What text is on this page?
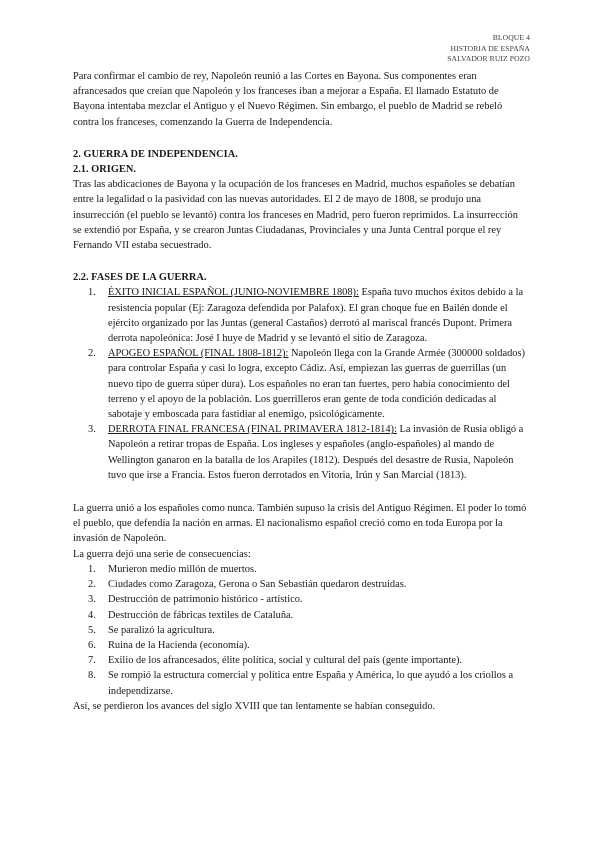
BLOQUE 4
HISTORIA DE ESPAÑA
SALVADOR RUIZ POZO

Para confirmar el cambio de rey, Napoleón reunió a las Cortes en Bayona. Sus componentes eran afrancesados que creían que Napoleón y los franceses iban a mejorar a España. El llamado Estatuto de Bayona intentaba mezclar el Antiguo y el Nuevo Régimen. Sin embargo, el pueblo de Madrid se rebeló contra los franceses, comenzando la Guerra de Independencia.

2. GUERRA DE INDEPENDENCIA.
2.1. ORIGEN.

Tras las abdicaciones de Bayona y la ocupación de los franceses en Madrid, muchos españoles se debatían entre la legalidad o la pasividad con las nuevas autoridades. El 2 de mayo de 1808, se produjo una insurrección (el pueblo se levantó) contra los franceses en Madrid, pero fueron reprimidos. La insurrección se extendió por España, y se crearon Juntas Ciudadanas, Provinciales y una Junta Central porque el rey Fernando VII estaba secuestrado.

2.2. FASES DE LA GUERRA.
1. ÉXITO INICIAL ESPAÑOL (JUNIO-NOVIEMBRE 1808): España tuvo muchos éxitos debido a la resistencia popular (Ej: Zaragoza defendida por Palafox). El gran choque fue en Bailén donde el ejército organizado por las Juntas (general Castaños) derrotó al mariscal francés Dupont. Primera derrota napoleónica: José I huye de Madrid y se levantó el sitio de Zaragoza.
2. APOGEO ESPAÑOL (FINAL 1808-1812): Napoleón llega con la Grande Armée (300000 soldados) para controlar España y casi lo logra, excepto Cádiz. Así, empiezan las guerras de guerrillas (un nuevo tipo de guerra súper dura). Los españoles no eran tan fuertes, pero había conocimiento del terreno y el apoyo de la población. Los guerrilleros eran gente de toda condición dedicadas al sabotaje y emboscada para fastidiar al enemigo, psicológicamente.
3. DERROTA FINAL FRANCESA (FINAL PRIMAVERA 1812-1814): La invasión de Rusia obligó a Napoleón a retirar tropas de España. Los ingleses y españoles (anglo-españoles) al mando de Wellington ganaron en la batalla de los Arapiles (1812). Después del desastre de Rusia, Napoleón tuvo que irse a Francia. Estos fueron derrotados en Vitoria, Irún y San Marcial (1813).

La guerra unió a los españoles como nunca. También supuso la crisis del Antiguo Régimen. El poder lo tomó el pueblo, que defendía la nación en armas. El nacionalismo español creció como en toda Europa por la invasión de Napoleón.

La guerra dejó una serie de consecuencias:

1. Murieron medio millón de muertos.
2. Ciudades como Zaragoza, Gerona o San Sebastián quedaron destruidas.
3. Destrucción de patrimonio histórico - artístico.
4. Destrucción de fábricas textiles de Cataluña.
5. Se paralizó la agricultura.
6. Ruina de la Hacienda (economía).
7. Exilio de los afrancesados, élite política, social y cultural del país (gente importante).
8. Se rompió la estructura comercial y política entre España y América, lo que ayudó a los criollos a independizarse.

Así, se perdieron los avances del siglo XVIII que tan lentamente se habían conseguido.
